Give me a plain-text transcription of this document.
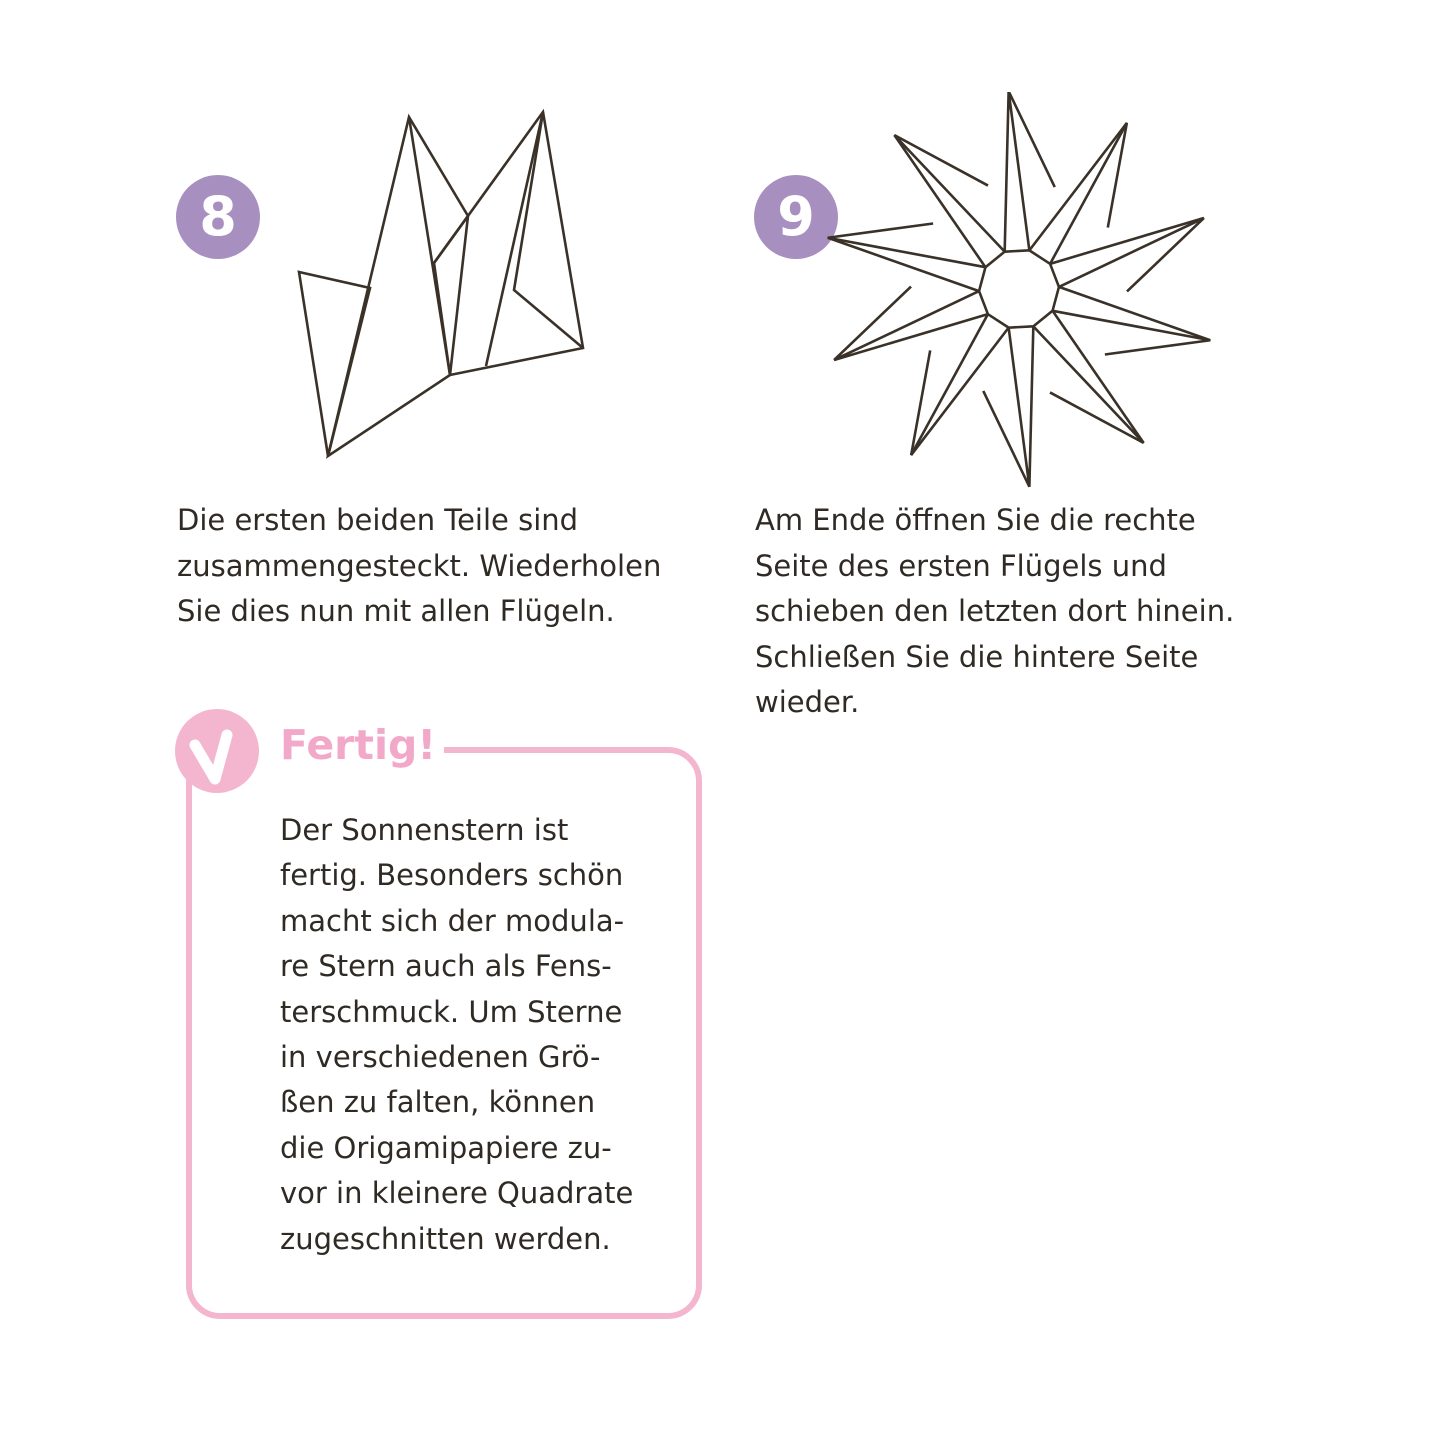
8
Die ersten beiden Teile sind
zusammengesteckt. Wiederholen
Sie dies nun mit allen Flügeln.
9
Am Ende öffnen Sie die rechte
Seite des ersten Flügels und
schieben den letzten dort hinein.
Schließen Sie die hintere Seite
wieder.
Fertig!
Der Sonnenstern ist
fertig. Besonders schön
macht sich der modula-
re Stern auch als Fens-
terschmuck. Um Sterne
in verschiedenen Grö-
ßen zu falten, können
die Origamipapiere zu-
vor in kleinere Quadrate
zugeschnitten werden.
